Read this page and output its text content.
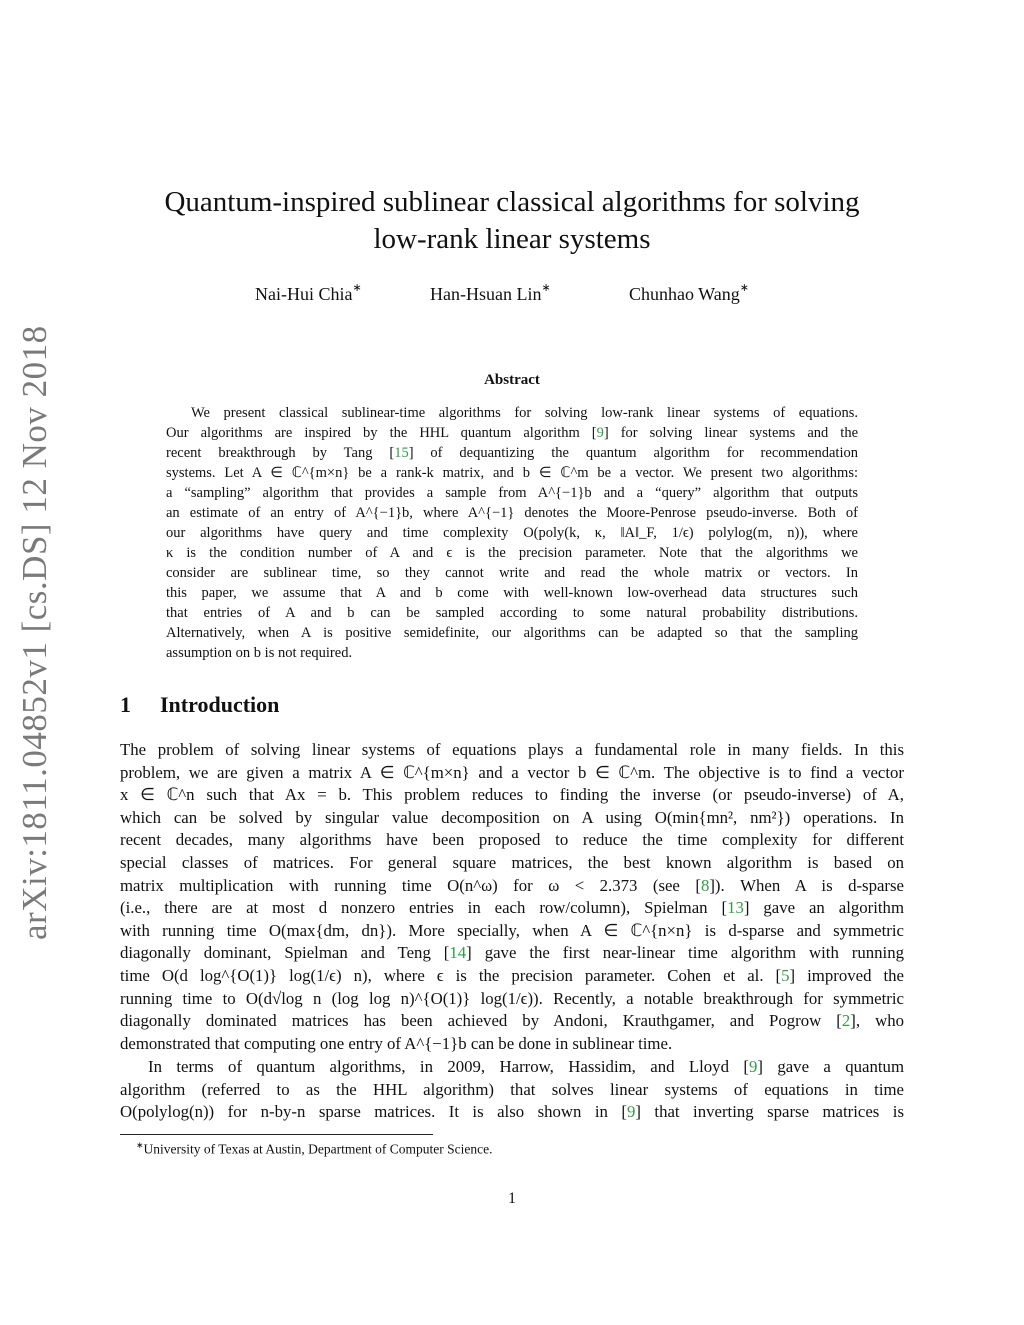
arXiv:1811.04852v1 [cs.DS] 12 Nov 2018
Quantum-inspired sublinear classical algorithms for solving
low-rank linear systems
Nai-Hui Chia∗	Han-Hsuan Lin∗	Chunhao Wang∗
Abstract
We present classical sublinear-time algorithms for solving low-rank linear systems of equations.
Our algorithms are inspired by the HHL quantum algorithm [9] for solving linear systems and the
recent breakthrough by Tang [15] of dequantizing the quantum algorithm for recommendation
systems. Let A ∈ ℂ^{m×n} be a rank-k matrix, and b ∈ ℂ^m be a vector. We present two algorithms:
a “sampling” algorithm that provides a sample from A^{−1}b and a “query” algorithm that outputs
an estimate of an entry of A^{−1}b, where A^{−1} denotes the Moore-Penrose pseudo-inverse. Both of
our algorithms have query and time complexity O(poly(k, κ, ‖A‖_F, 1/ϵ) polylog(m, n)), where
κ is the condition number of A and ϵ is the precision parameter. Note that the algorithms we
consider are sublinear time, so they cannot write and read the whole matrix or vectors. In
this paper, we assume that A and b come with well-known low-overhead data structures such
that entries of A and b can be sampled according to some natural probability distributions.
Alternatively, when A is positive semidefinite, our algorithms can be adapted so that the sampling
assumption on b is not required.
1 Introduction
The problem of solving linear systems of equations plays a fundamental role in many fields. In this
problem, we are given a matrix A ∈ ℂ^{m×n} and a vector b ∈ ℂ^m. The objective is to find a vector
x ∈ ℂ^n such that Ax = b. This problem reduces to finding the inverse (or pseudo-inverse) of A,
which can be solved by singular value decomposition on A using O(min{mn², nm²}) operations. In
recent decades, many algorithms have been proposed to reduce the time complexity for different
special classes of matrices. For general square matrices, the best known algorithm is based on
matrix multiplication with running time O(n^ω) for ω < 2.373 (see [8]). When A is d-sparse
(i.e., there are at most d nonzero entries in each row/column), Spielman [13] gave an algorithm
with running time O(max{dm, dn}). More specially, when A ∈ ℂ^{n×n} is d-sparse and symmetric
diagonally dominant, Spielman and Teng [14] gave the first near-linear time algorithm with running
time O(d log^{O(1)} log(1/ϵ) n), where ϵ is the precision parameter. Cohen et al. [5] improved the
running time to O(d√log n (log log n)^{O(1)} log(1/ϵ)). Recently, a notable breakthrough for symmetric
diagonally dominated matrices has been achieved by Andoni, Krauthgamer, and Pogrow [2], who
demonstrated that computing one entry of A^{−1}b can be done in sublinear time.
In terms of quantum algorithms, in 2009, Harrow, Hassidim, and Lloyd [9] gave a quantum
algorithm (referred to as the HHL algorithm) that solves linear systems of equations in time
O(polylog(n)) for n-by-n sparse matrices. It is also shown in [9] that inverting sparse matrices is
∗University of Texas at Austin, Department of Computer Science.
1
